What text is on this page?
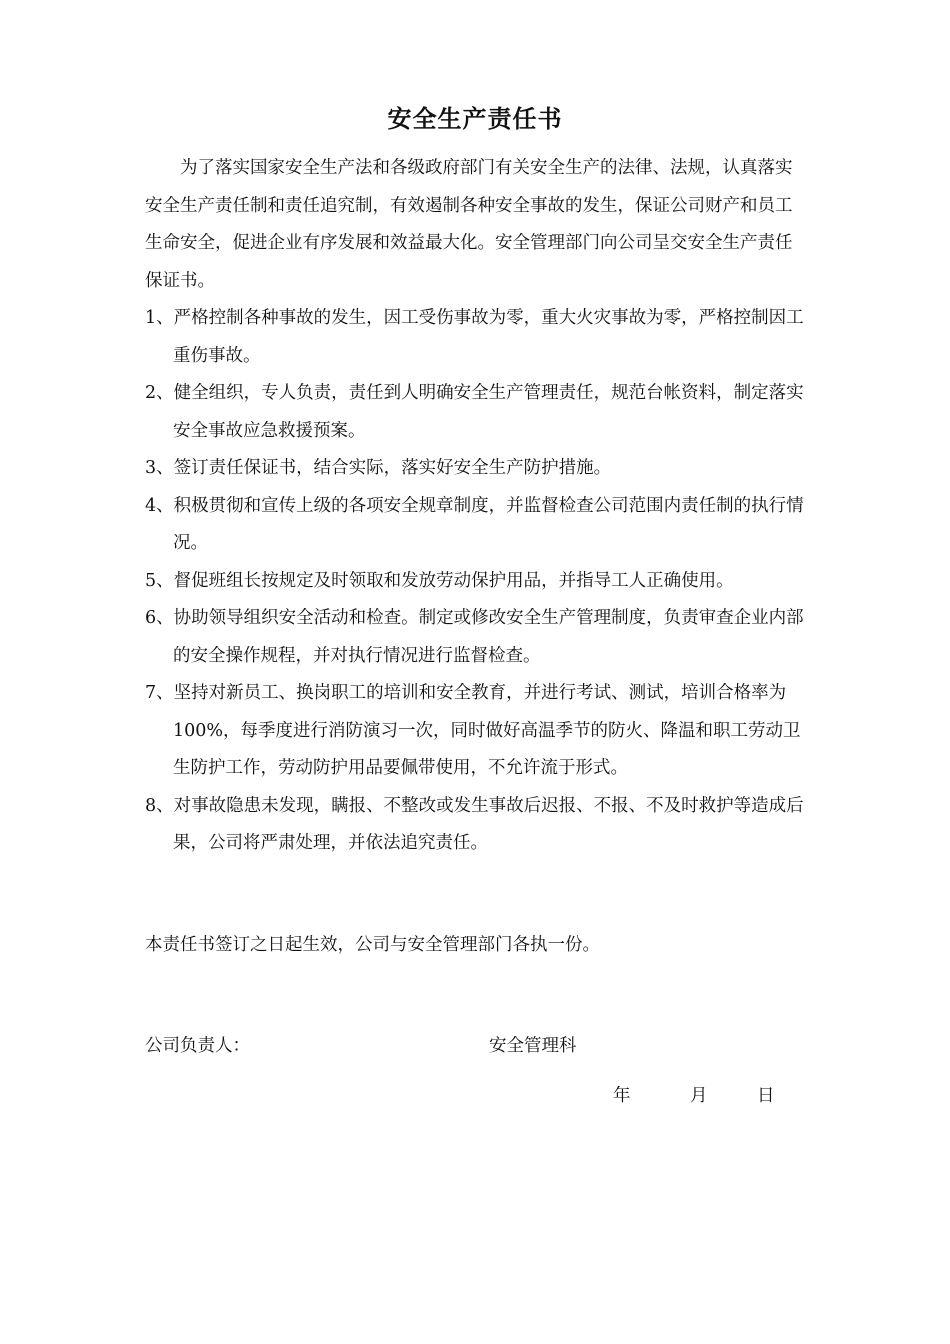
安全生产责任书

为了落实国家安全生产法和各级政府部门有关安全生产的法律、法规，认真落实安全生产责任制和责任追究制，有效遏制各种安全事故的发生，保证公司财产和员工生命安全，促进企业有序发展和效益最大化。安全管理部门向公司呈交安全生产责任保证书。

1、严格控制各种事故的发生，因工受伤事故为零，重大火灾事故为零，严格控制因工重伤事故。

2、健全组织，专人负责，责任到人明确安全生产管理责任，规范台帐资料，制定落实安全事故应急救援预案。

3、签订责任保证书，结合实际，落实好安全生产防护措施。

4、积极贯彻和宣传上级的各项安全规章制度，并监督检查公司范围内责任制的执行情况。

5、督促班组长按规定及时领取和发放劳动保护用品，并指导工人正确使用。

6、协助领导组织安全活动和检查。制定或修改安全生产管理制度，负责审查企业内部的安全操作规程，并对执行情况进行监督检查。

7、坚持对新员工、换岗职工的培训和安全教育，并进行考试、测试，培训合格率为100%，每季度进行消防演习一次，同时做好高温季节的防火、降温和职工劳动卫生防护工作，劳动防护用品要佩带使用，不允许流于形式。

8、对事故隐患未发现，瞒报、不整改或发生事故后迟报、不报、不及时救护等造成后果，公司将严肃处理，并依法追究责任。

本责任书签订之日起生效，公司与安全管理部门各执一份。
公司负责人：	安全管理科
年	月	日
